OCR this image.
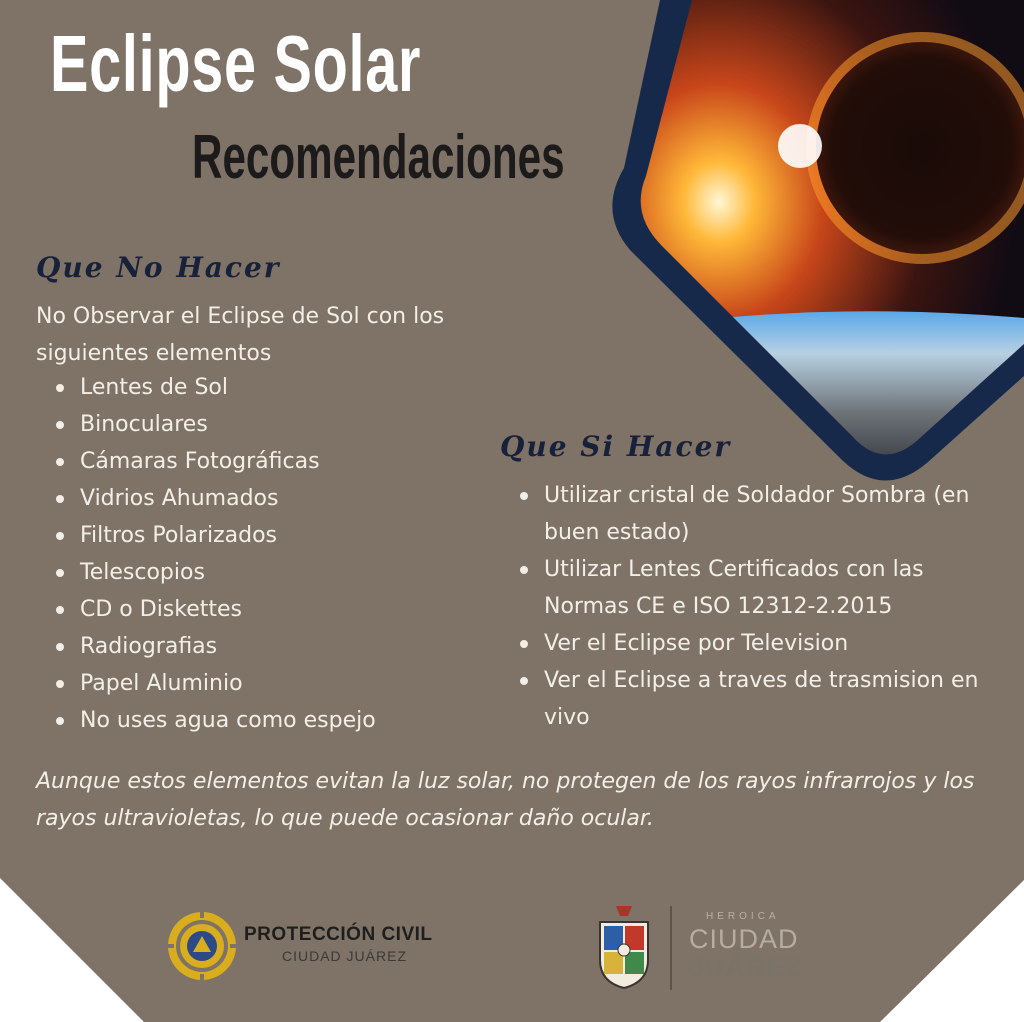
Eclipse Solar
Recomendaciones
Que No Hacer

No Observar el Eclipse de Sol con los siguientes elementos

Lentes de Sol
Binoculares
Cámaras Fotográficas
Vidrios Ahumados
Filtros Polarizados
Telescopios
CD o Diskettes
Radiografias
Papel Aluminio
No uses agua como espejo
Que Si Hacer
Utilizar cristal de Soldador Sombra (en buen estado)
Utilizar Lentes Certificados con las Normas CE e ISO 12312-2.2015
Ver el Eclipse por Television
Ver el Eclipse a traves de trasmision en vivo

Aunque estos elementos evitan la luz solar, no protegen de los rayos infrarrojos y los rayos ultravioletas, lo que puede ocasionar daño ocular.

PROTECCIÓN CIVIL
CIUDAD JUÁREZ
HEROICA
CIUDAD
JUÁREZ
